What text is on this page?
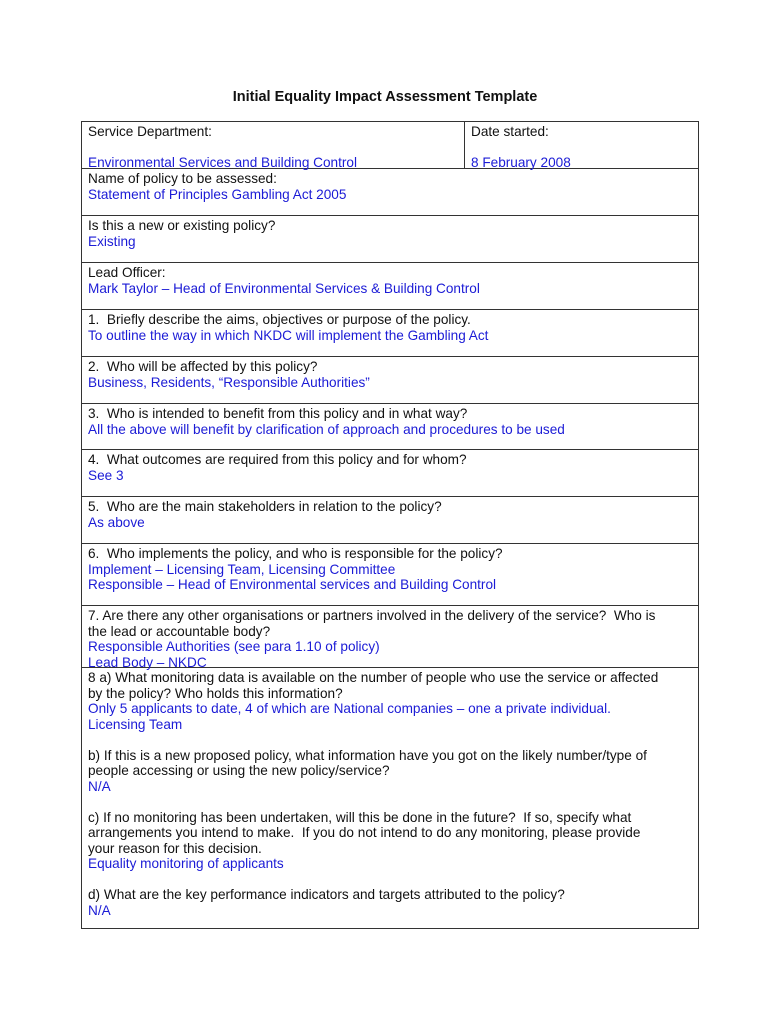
Initial Equality Impact Assessment Template
Service Department:
Environmental Services and Building Control
Date started:
8 February 2008
Name of policy to be assessed:
Statement of Principles Gambling Act 2005
Is this a new or existing policy?
Existing
Lead Officer:
Mark Taylor – Head of Environmental Services & Building Control
1.  Briefly describe the aims, objectives or purpose of the policy.
To outline the way in which NKDC will implement the Gambling Act
2.  Who will be affected by this policy?
Business, Residents, “Responsible Authorities”
3.  Who is intended to benefit from this policy and in what way?
All the above will benefit by clarification of approach and procedures to be used
4.  What outcomes are required from this policy and for whom?
See 3
5.  Who are the main stakeholders in relation to the policy?
As above
6.  Who implements the policy, and who is responsible for the policy?
Implement – Licensing Team, Licensing Committee
Responsible – Head of Environmental services and Building Control
7. Are there any other organisations or partners involved in the delivery of the service?  Who is
the lead or accountable body?
Responsible Authorities (see para 1.10 of policy)
Lead Body – NKDC
8 a) What monitoring data is available on the number of people who use the service or affected
by the policy? Who holds this information?
Only 5 applicants to date, 4 of which are National companies – one a private individual.
Licensing Team
b) If this is a new proposed policy, what information have you got on the likely number/type of
people accessing or using the new policy/service?
N/A
c) If no monitoring has been undertaken, will this be done in the future?  If so, specify what
arrangements you intend to make.  If you do not intend to do any monitoring, please provide
your reason for this decision.
Equality monitoring of applicants
d) What are the key performance indicators and targets attributed to the policy?
N/A
